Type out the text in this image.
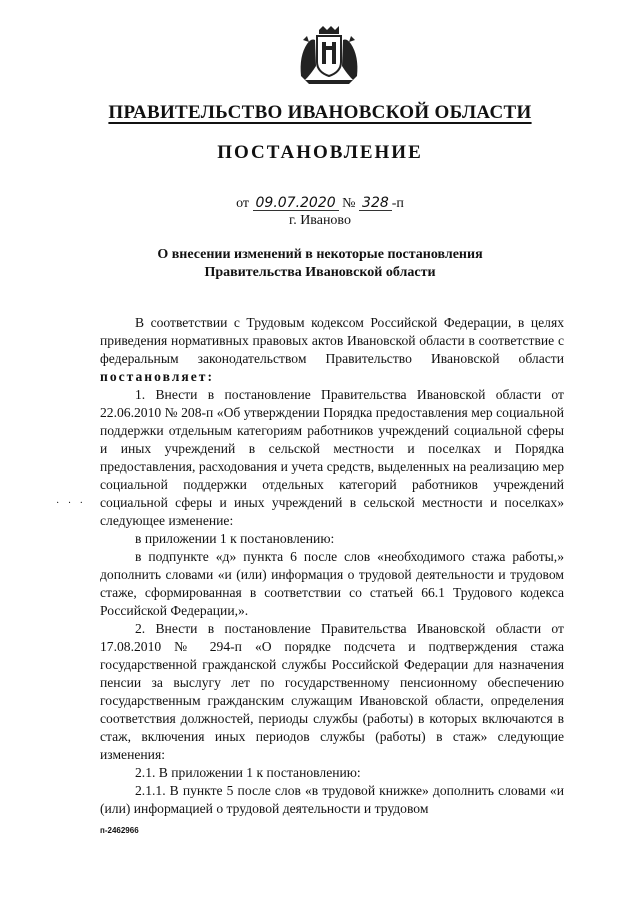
ПРАВИТЕЛЬСТВО ИВАНОВСКОЙ ОБЛАСТИ
ПОСТАНОВЛЕНИЕ
от 09.07.2020 № 328 -п
г. Иваново
О внесении изменений в некоторые постановления
Правительства Ивановской области

В соответствии с Трудовым кодексом Российской Федерации, в целях приведения нормативных правовых актов Ивановской области в соответствие с федеральным законодательством Правительство Ивановской области постановляет:

1. Внести в постановление Правительства Ивановской области от 22.06.2010 № 208-п «Об утверждении Порядка предоставления мер социальной поддержки отдельным категориям работников учреждений социальной сферы и иных учреждений в сельской местности и поселках и Порядка предоставления, расходования и учета средств, выделенных на реализацию мер социальной поддержки отдельных категорий работников учреждений социальной сферы и иных учреждений в сельской местности и поселках» следующее изменение:

в приложении 1 к постановлению:

в подпункте «д» пункта 6 после слов «необходимого стажа работы,» дополнить словами «и (или) информация о трудовой деятельности и трудовом стаже, сформированная в соответствии со статьей 66.1 Трудового кодекса Российской Федерации,».

2. Внести в постановление Правительства Ивановской области от 17.08.2010 № 294-п «О порядке подсчета и подтверждения стажа государственной гражданской службы Российской Федерации для назначения пенсии за выслугу лет по государственному пенсионному обеспечению государственным гражданским служащим Ивановской области, определения соответствия должностей, периоды службы (работы) в которых включаются в стаж, включения иных периодов службы (работы) в стаж» следующие изменения:

2.1. В приложении 1 к постановлению:

2.1.1. В пункте 5 после слов «в трудовой книжке» дополнить словами «и (или) информацией о трудовой деятельности и трудовом

· · ·
п-2462966
